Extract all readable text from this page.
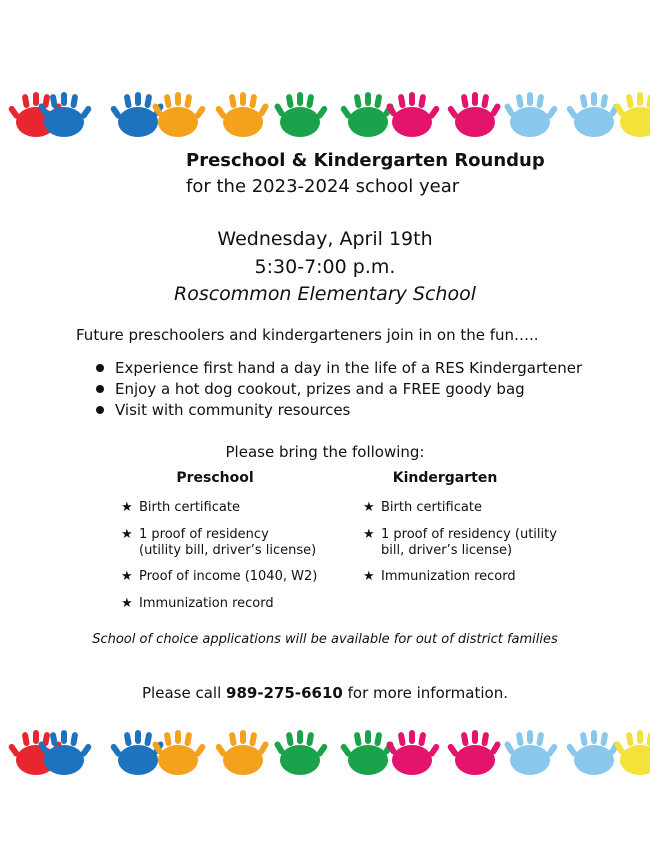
Preschool & Kindergarten Roundup
for the 2023-2024 school year
Wednesday, April 19th
5:30-7:00 p.m.
Roscommon Elementary School
Future preschoolers and kindergarteners join in on the fun…..
Experience first hand a day in the life of a RES Kindergartener
Enjoy a hot dog cookout, prizes and a FREE goody bag
Visit with community resources
Please bring the following:
Preschool	Kindergarten
★ Birth certificate
★ 1 proof of residency
(utility bill, driver’s license)
★ Proof of income (1040, W2)
★ Immunization record
★ Birth certificate
★ 1 proof of residency (utility
bill, driver’s license)
★ Immunization record
School of choice applications will be available for out of district families
Please call 989-275-6610 for more information.
